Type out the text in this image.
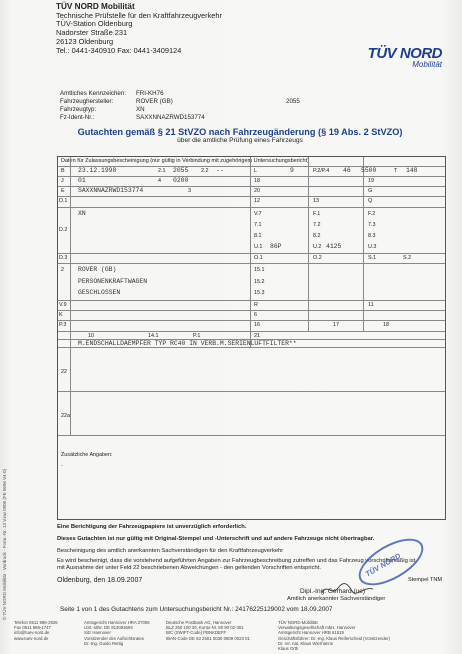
TÜV NORD Mobilität
Technische Prüfstelle für den Kraftfahrzeugverkehr
TÜV-Station Oldenburg
Nadorster Straße 231
26123 Oldenburg
Tel.: 0441-340910 Fax: 0441-3409124	TÜV NORD
Mobilität
Amtliches Kennzeichen:	FRI-KH76
Fahrzeughersteller:	ROVER (GB)	2055
Fahrzeugtyp:	XN
Fz-Ident-Nr.:	SAXXNNAZRWD153774
Gutachten gemäß § 21 StVZO nach Fahrzeugänderung (§ 19 Abs. 2 StVZO)
über die amtliche Prüfung eines Fahrzeugs
Daten für Zulassungsbescheinigung (nur gültig in Verbindung mit zugehörigem Untersuchungsbericht)
B 23.12.1998	2.1 2055 2.2 --	L	9	P.2/P.4 46 5500	T 148
J 01	4 0200	18	19
E SAXXNNAZRWD153774	3	20	G
D.1	12	13	Q
XN
D.2
V.7	F.1	F.2
7.1	7.2	7.3
8.1	8.2	8.3
U.1 86P	U.2 4125	U.3
D.3	O.1	O.2	S.1	S.2
2 ROVER (GB)	15.1
PERSONENKRAFTWAGEN	15.2
GESCHLOSSEN	15.3
V.9	R	11
K	6
P.3	16	17	18
10	14.1	P.1	21
M.ENDSCHALLDAEMPFER TYP RC40 IN VERB.M.SERIENLUFTFILTER**
22
22a
Zusätzliche Angaben:
-
Eine Berichtigung der Fahrzeugpapiere ist unverzüglich erforderlich.
Dieses Gutachten ist nur gültig mit Original-Stempel und -Unterschrift und auf andere Fahrzeuge nicht übertragbar.
Bescheinigung des amtlich anerkannten Sachverständigen für den Kraftfahrzeugverkehr
Es wird bescheinigt, dass die vorstehend aufgeführten Angaben zur Fahrzeugbeschreibung zutreffen und das Fahrzeug vorschriftsmäßig ist, mit Ausnahme der unter Feld 22 beschriebenen Abweichungen - den geltenden Vorschriften entspricht.
Oldenburg, den 18.09.2007
Dipl.-Ing. Gerhard (ue)
Stempel TNM
Amtlich anerkannter Sachverständiger
Seite 1 von 1 des Gutachtens zum Untersuchungsbericht Nr.: 24176225129002 vom 18.09.2007
TÜV NORD
Telefon 0511 986-2926
Fax 0511 986-1747
info@tuev-nord.de
www.tuev-nord.de
Amtsgericht Hannover HRA 27006
USt.-IdNr. DE 813093694
Sitz Hannover
Vorsitzender des Aufsichtsrates
Dr.-Ing. Guido Rettig
Deutsche Postbank AG, Hannover
BLZ 250 100 30, Konto-Nr. 80 90 02-301
BIC (SWIFT-Code) PBNKDEFF
IBAN-Code DE 63 2501 0030 0809 0023 01
TÜV NORD Mobilität
Verwaltungsgesellschaft mbH, Hannover
Amtsgericht Hannover HRB 61519
Geschäftsführer: Dr.-Ing. Klaus Reiferscheid (Vorsitzender)
Dr. rer. nat. Klaus Wierhanns
Klaus Orth
© TÜV NORD Mobilität · Vordruck · Form.-Nr. 13 V.nw 0906 (FE 0606 V4-0)
